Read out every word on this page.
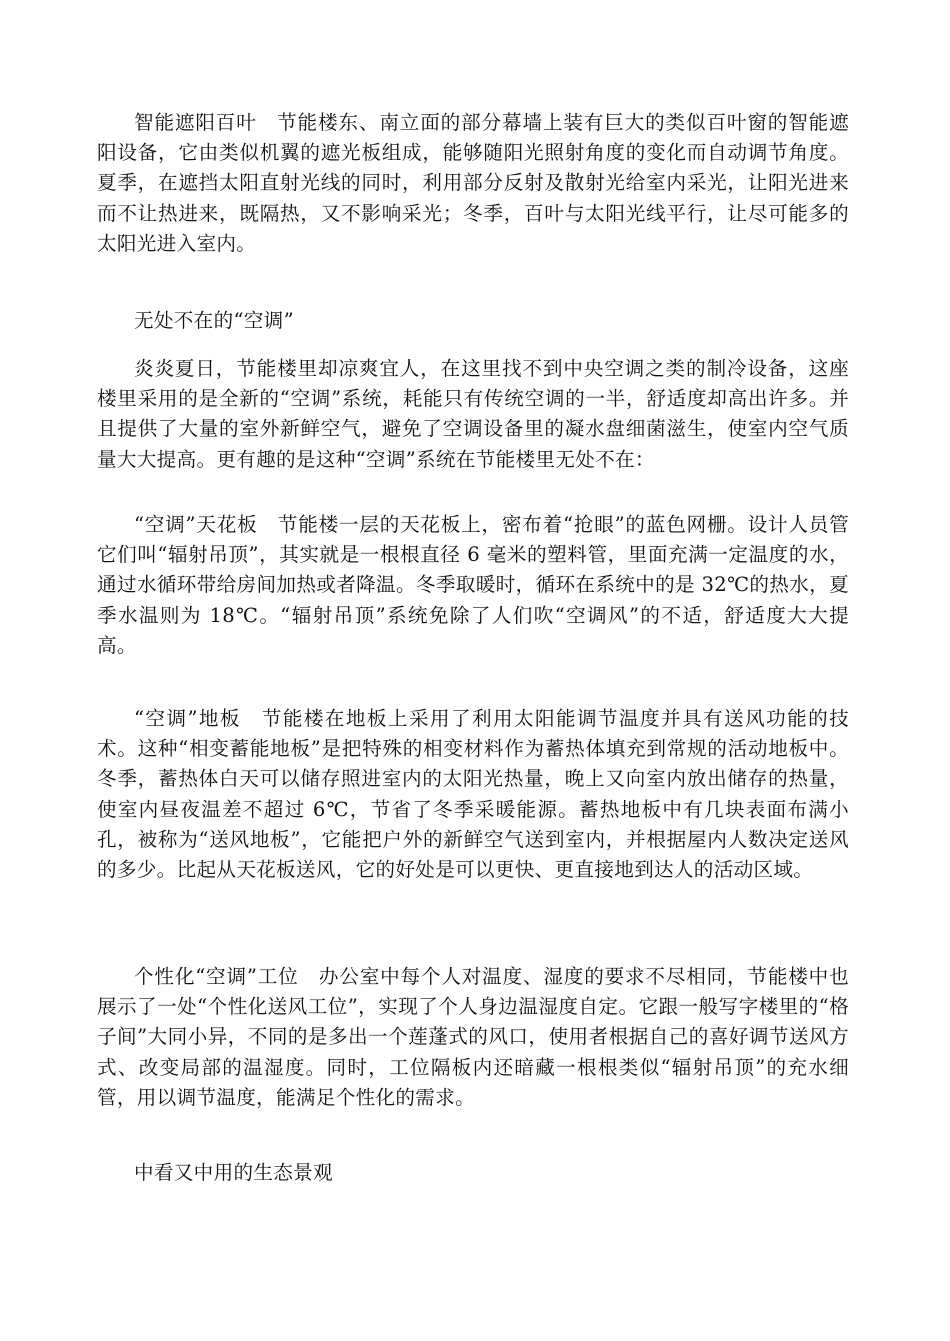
智能遮阳百叶　节能楼东、南立面的部分幕墙上装有巨大的类似百叶窗的智能遮阳设备，它由类似机翼的遮光板组成，能够随阳光照射角度的变化而自动调节角度。夏季，在遮挡太阳直射光线的同时，利用部分反射及散射光给室内采光，让阳光进来而不让热进来，既隔热，又不影响采光；冬季，百叶与太阳光线平行，让尽可能多的太阳光进入室内。

无处不在的“空调”

炎炎夏日，节能楼里却凉爽宜人，在这里找不到中央空调之类的制冷设备，这座楼里采用的是全新的“空调”系统，耗能只有传统空调的一半，舒适度却高出许多。并且提供了大量的室外新鲜空气，避免了空调设备里的凝水盘细菌滋生，使室内空气质量大大提高。更有趣的是这种“空调”系统在节能楼里无处不在：

“空调”天花板　节能楼一层的天花板上，密布着“抢眼”的蓝色网栅。设计人员管它们叫“辐射吊顶”，其实就是一根根直径 6 毫米的塑料管，里面充满一定温度的水，通过水循环带给房间加热或者降温。冬季取暖时，循环在系统中的是 32℃的热水，夏季水温则为 18℃。“辐射吊顶”系统免除了人们吹“空调风”的不适，舒适度大大提高。

“空调”地板　节能楼在地板上采用了利用太阳能调节温度并具有送风功能的技术。这种“相变蓄能地板”是把特殊的相变材料作为蓄热体填充到常规的活动地板中。冬季，蓄热体白天可以储存照进室内的太阳光热量，晚上又向室内放出储存的热量，使室内昼夜温差不超过 6℃，节省了冬季采暖能源。蓄热地板中有几块表面布满小孔，被称为“送风地板”，它能把户外的新鲜空气送到室内，并根据屋内人数决定送风的多少。比起从天花板送风，它的好处是可以更快、更直接地到达人的活动区域。

个性化“空调”工位　办公室中每个人对温度、湿度的要求不尽相同，节能楼中也展示了一处“个性化送风工位”，实现了个人身边温湿度自定。它跟一般写字楼里的“格子间”大同小异，不同的是多出一个莲蓬式的风口，使用者根据自己的喜好调节送风方式、改变局部的温湿度。同时，工位隔板内还暗藏一根根类似“辐射吊顶”的充水细管，用以调节温度，能满足个性化的需求。

中看又中用的生态景观
